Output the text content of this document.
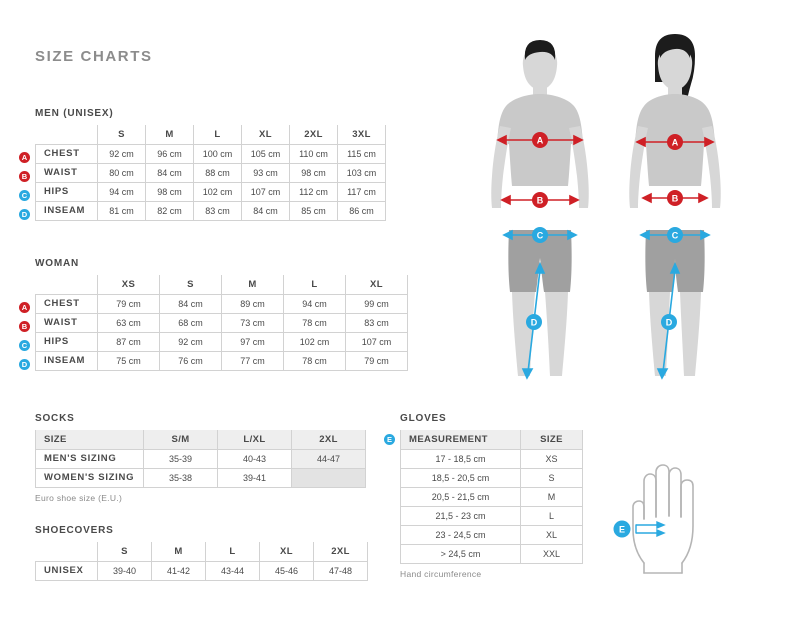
SIZE CHARTS
MEN (UNISEX)
A
B
C
D
	S	M	L	XL	2XL	3XL
CHEST	92 cm	96 cm	100 cm	105 cm	110 cm	115 cm
WAIST	80 cm	84 cm	88 cm	93 cm	98 cm	103 cm
HIPS	94 cm	98 cm	102 cm	107 cm	112 cm	117 cm
INSEAM	81 cm	82 cm	83 cm	84 cm	85 cm	86 cm
WOMAN
A
B
C
D
	XS	S	M	L	XL
CHEST	79 cm	84 cm	89 cm	94 cm	99 cm
WAIST	63 cm	68 cm	73 cm	78 cm	83 cm
HIPS	87 cm	92 cm	97 cm	102 cm	107 cm
INSEAM	75 cm	76 cm	77 cm	78 cm	79 cm
SOCKS
SIZE	S/M	L/XL	2XL
MEN'S SIZING	35-39	40-43	44-47
WOMEN'S SIZING	35-38	39-41	
Euro shoe size (E.U.)
SHOECOVERS
	S	M	L	XL	2XL
UNISEX	39-40	41-42	43-44	45-46	47-48
GLOVES
E	MEASUREMENT	SIZE
17 - 18,5 cm	XS
18,5 - 20,5 cm	S
20,5 - 21,5 cm	M
21,5 - 23 cm	L
23 - 24,5 cm	XL
> 24,5 cm	XXL
Hand circumference
A
B
C
D
A
B
C
D
E
